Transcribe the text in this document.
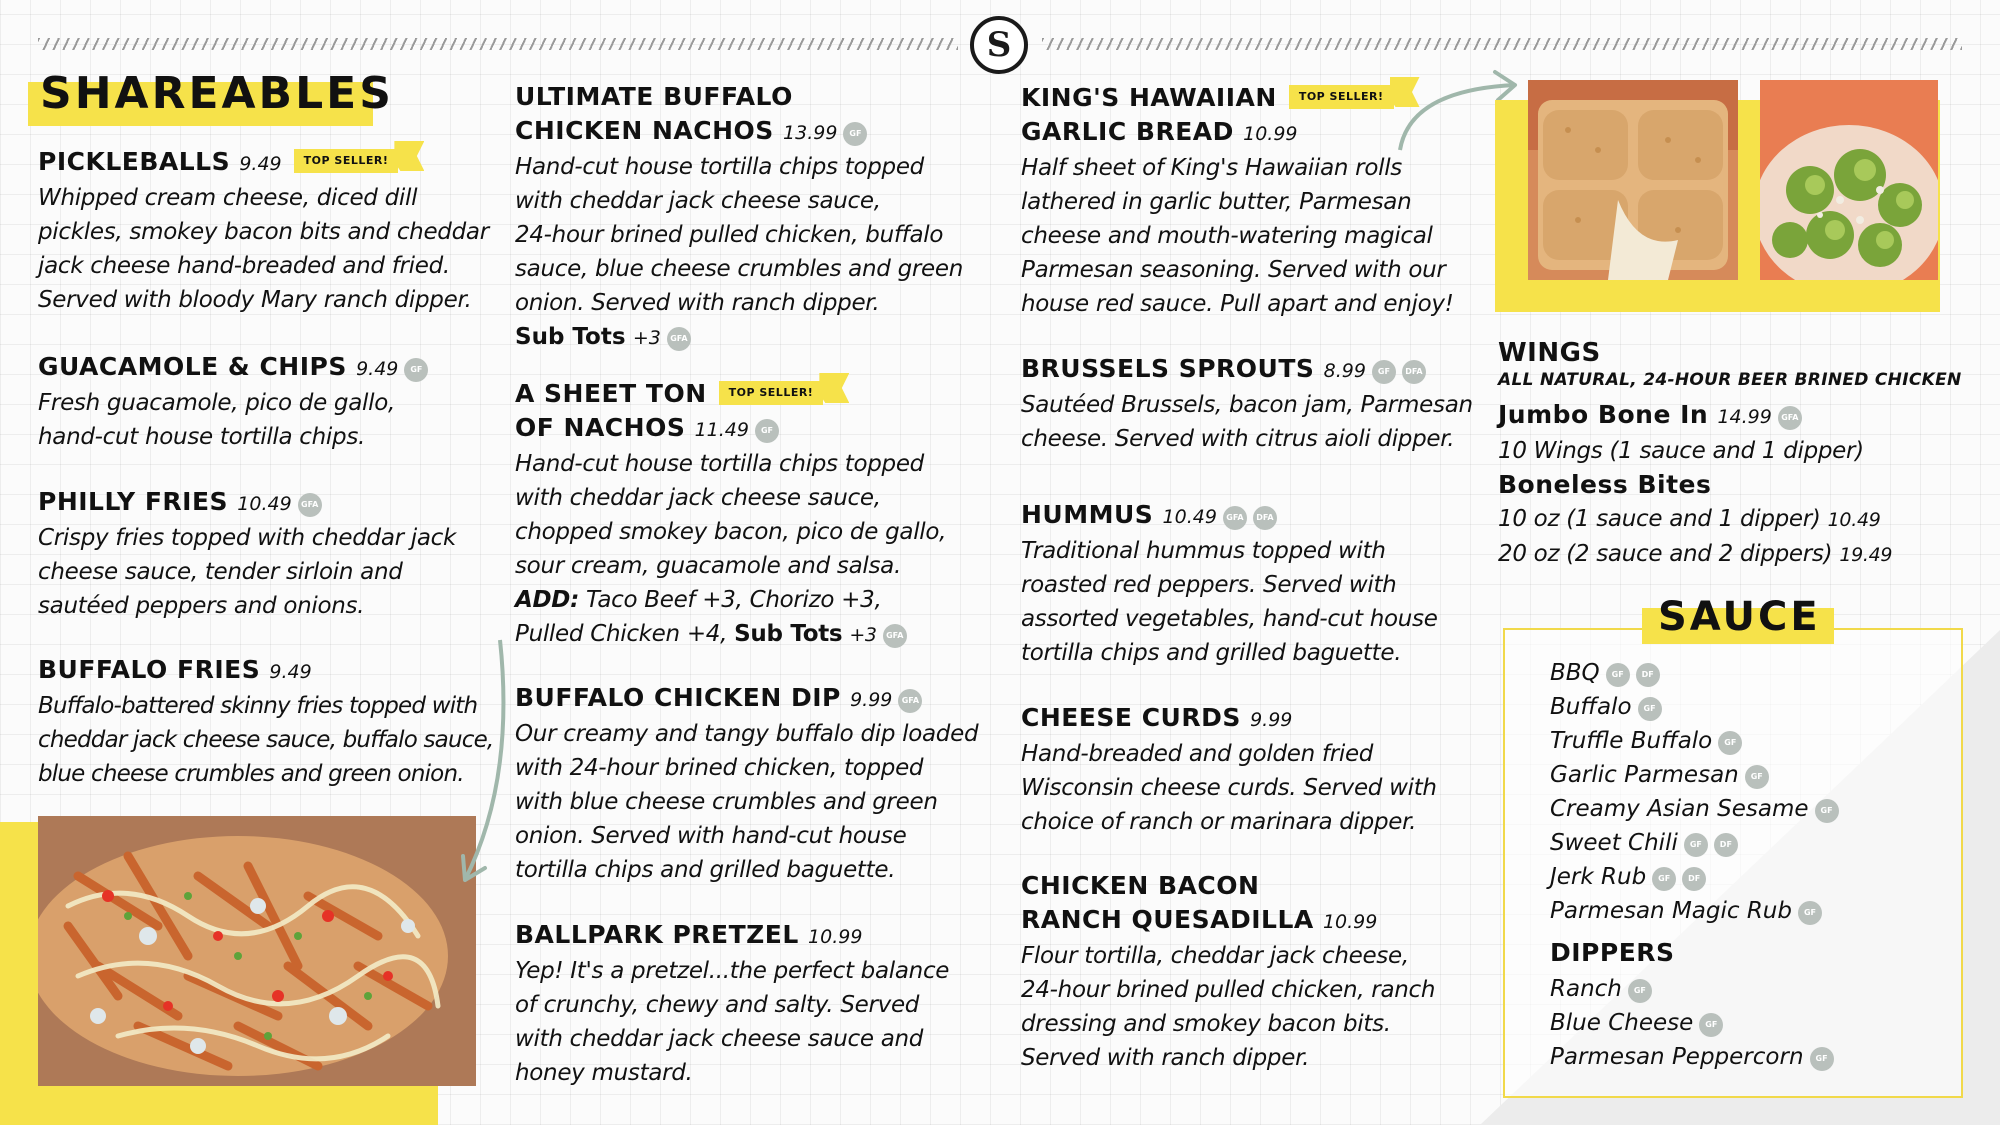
S
SHAREABLES
PICKLEBALLS 9.49 TOP SELLER!
Whipped cream cheese, diced dill
pickles, smokey bacon bits and cheddar
jack cheese hand-breaded and fried.
Served with bloody Mary ranch dipper.
GUACAMOLE & CHIPS 9.49 GF
Fresh guacamole, pico de gallo,
hand-cut house tortilla chips.
PHILLY FRIES 10.49 GFA
Crispy fries topped with cheddar jack
cheese sauce, tender sirloin and
sautéed peppers and onions.
BUFFALO FRIES 9.49
Buffalo-battered skinny fries topped with
cheddar jack cheese sauce, buffalo sauce,
blue cheese crumbles and green onion.
ULTIMATE BUFFALO
CHICKEN NACHOS 13.99 GF
Hand-cut house tortilla chips topped
with cheddar jack cheese sauce,
24-hour brined pulled chicken, buffalo
sauce, blue cheese crumbles and green
onion. Served with ranch dipper.
Sub Tots +3 GFA
A SHEET TON TOP SELLER!
OF NACHOS 11.49 GF
Hand-cut house tortilla chips topped
with cheddar jack cheese sauce,
chopped smokey bacon, pico de gallo,
sour cream, guacamole and salsa.
ADD: Taco Beef +3, Chorizo +3,
Pulled Chicken +4, Sub Tots +3 GFA
BUFFALO CHICKEN DIP 9.99 GFA
Our creamy and tangy buffalo dip loaded
with 24-hour brined chicken, topped
with blue cheese crumbles and green
onion. Served with hand-cut house
tortilla chips and grilled baguette.
BALLPARK PRETZEL 10.99
Yep! It's a pretzel...the perfect balance
of crunchy, chewy and salty. Served
with cheddar jack cheese sauce and
honey mustard.
KING'S HAWAIIAN TOP SELLER!
GARLIC BREAD 10.99
Half sheet of King's Hawaiian rolls
lathered in garlic butter, Parmesan
cheese and mouth-watering magical
Parmesan seasoning. Served with our
house red sauce. Pull apart and enjoy!
BRUSSELS SPROUTS 8.99 GF DFA
Sautéed Brussels, bacon jam, Parmesan
cheese. Served with citrus aioli dipper.
HUMMUS 10.49 GFA DFA
Traditional hummus topped with
roasted red peppers. Served with
assorted vegetables, hand-cut house
tortilla chips and grilled baguette.
CHEESE CURDS 9.99
Hand-breaded and golden fried
Wisconsin cheese curds. Served with
choice of ranch or marinara dipper.
CHICKEN BACON
RANCH QUESADILLA 10.99
Flour tortilla, cheddar jack cheese,
24-hour brined pulled chicken, ranch
dressing and smokey bacon bits.
Served with ranch dipper.
WINGS
ALL NATURAL, 24-HOUR BEER BRINED CHICKEN
Jumbo Bone In 14.99 GFA
10 Wings (1 sauce and 1 dipper)
Boneless Bites
10 oz (1 sauce and 1 dipper) 10.49
20 oz (2 sauce and 2 dippers) 19.49
SAUCE
BBQ GF DF
Buffalo GF
Truffle Buffalo GF
Garlic Parmesan GF
Creamy Asian Sesame GF
Sweet Chili GF DF
Jerk Rub GF DF
Parmesan Magic Rub GF
DIPPERS
Ranch GF
Blue Cheese GF
Parmesan Peppercorn GF
